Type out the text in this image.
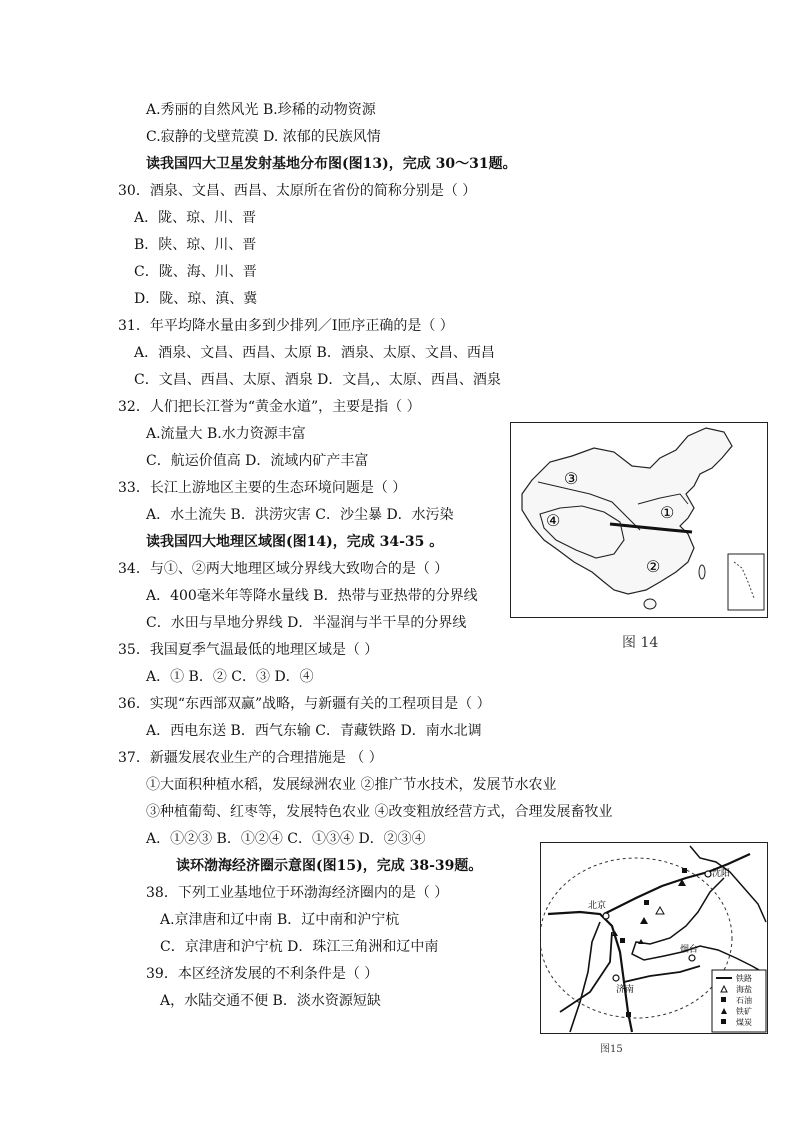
A.秀丽的自然风光 B.珍稀的动物资源
C.寂静的戈壁荒漠 D. 浓郁的民族风情
读我国四大卫星发射基地分布图(图13)，完成 30～31题。
30．酒泉、文昌、西昌、太原所在省份的简称分别是（ ）
A．陇、琼、川、晋
B．陕、琼、川、晋
C．陇、海、川、晋
D．陇、琼、滇、冀
31．年平均降水量由多到少排列／I匝序正确的是（ ）
A．酒泉、文昌、西昌、太原 B．酒泉、太原、文昌、西昌
C．文昌、西昌、太原、酒泉 D．文昌,、太原、西昌、酒泉
32．人们把长江誉为“黄金水道”，主要是指（ ）
A.流量大 B.水力资源丰富
C．航运价值高 D．流域内矿产丰富
33．长江上游地区主要的生态环境问题是（ ）
A．水土流失 B．洪涝灾害 C．沙尘暴 D．水污染
读我国四大地理区域图(图14)，完成 34-35 。
34．与①、②两大地理区域分界线大致吻合的是（ ）
A．400毫米年等降水量线 B．热带与亚热带的分界线
C．水田与旱地分界线 D．半湿润与半干旱的分界线
35．我国夏季气温最低的地理区域是（ ）
A．① B．② C．③ D．④
36．实现“东西部双赢”战略，与新疆有关的工程项目是（ ）
A．西电东送 B．西气东输 C．青藏铁路 D．南水北调
37．新疆发展农业生产的合理措施是 （ ）
①大面积种植水稻，发展绿洲农业 ②推广节水技术，发展节水农业
③种植葡萄、红枣等，发展特色农业 ④改变粗放经营方式，合理发展畜牧业
A．①②③ B．①②④ C．①③④ D．②③④
读环渤海经济圈示意图(图15)，完成 38-39题。
38．下列工业基地位于环渤海经济圈内的是（ ）
A.京津唐和辽中南 B．辽中南和沪宁杭
C．京津唐和沪宁杭 D．珠江三角洲和辽中南
39．本区经济发展的不利条件是（ ）
A，水陆交通不便 B．淡水资源短缺
③
④	①
②
图 14
沈阳
北京
烟台
济南
铁路
海盐
石油
铁矿
煤炭
图15
